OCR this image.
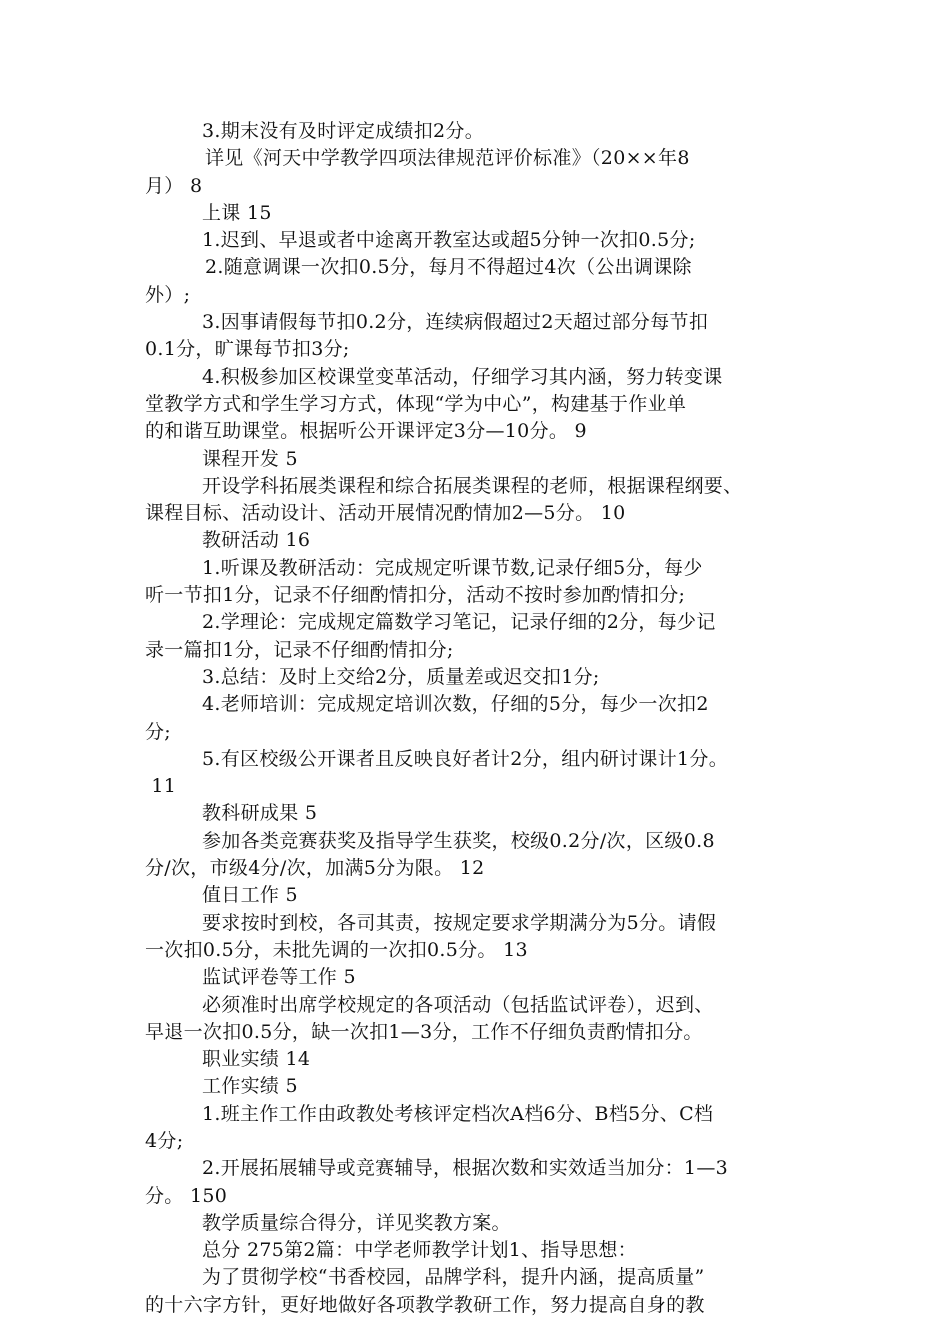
3.期末没有及时评定成绩扣2分。
详见《河天中学教学四项法律规范评价标准》（20××年8
月） 8
上课 15
1.迟到、早退或者中途离开教室达或超5分钟一次扣0.5分;
2.随意调课一次扣0.5分，每月不得超过4次（公出调课除
外）;
3.因事请假每节扣0.2分，连续病假超过2天超过部分每节扣
0.1分，旷课每节扣3分;
4.积极参加区校课堂变革活动，仔细学习其内涵，努力转变课
堂教学方式和学生学习方式，体现“学为中心”，构建基于作业单
的和谐互助课堂。根据听公开课评定3分—10分。 9
课程开发 5
开设学科拓展类课程和综合拓展类课程的老师，根据课程纲要、
课程目标、活动设计、活动开展情况酌情加2—5分。 10
教研活动 16
1.听课及教研活动：完成规定听课节数,记录仔细5分，每少
听一节扣1分，记录不仔细酌情扣分，活动不按时参加酌情扣分;
2.学理论：完成规定篇数学习笔记，记录仔细的2分，每少记
录一篇扣1分，记录不仔细酌情扣分;
3.总结：及时上交给2分，质量差或迟交扣1分;
4.老师培训：完成规定培训次数，仔细的5分，每少一次扣2
分;
5.有区校级公开课者且反映良好者计2分，组内研讨课计1分。
11
教科研成果 5
参加各类竞赛获奖及指导学生获奖，校级0.2分/次，区级0.8
分/次，市级4分/次，加满5分为限。 12
值日工作 5
要求按时到校，各司其责，按规定要求学期满分为5分。请假
一次扣0.5分，未批先调的一次扣0.5分。 13
监试评卷等工作 5
必须准时出席学校规定的各项活动（包括监试评卷），迟到、
早退一次扣0.5分，缺一次扣1—3分，工作不仔细负责酌情扣分。
职业实绩 14
工作实绩 5
1.班主作工作由政教处考核评定档次A档6分、B档5分、C档
4分;
2.开展拓展辅导或竞赛辅导，根据次数和实效适当加分：1—3
分。 150
教学质量综合得分，详见奖教方案。
总分 275第2篇：中学老师教学计划1、指导思想：
为了贯彻学校“书香校园，品牌学科，提升内涵，提高质量”
的十六字方针，更好地做好各项教学教研工作，努力提高自身的教
